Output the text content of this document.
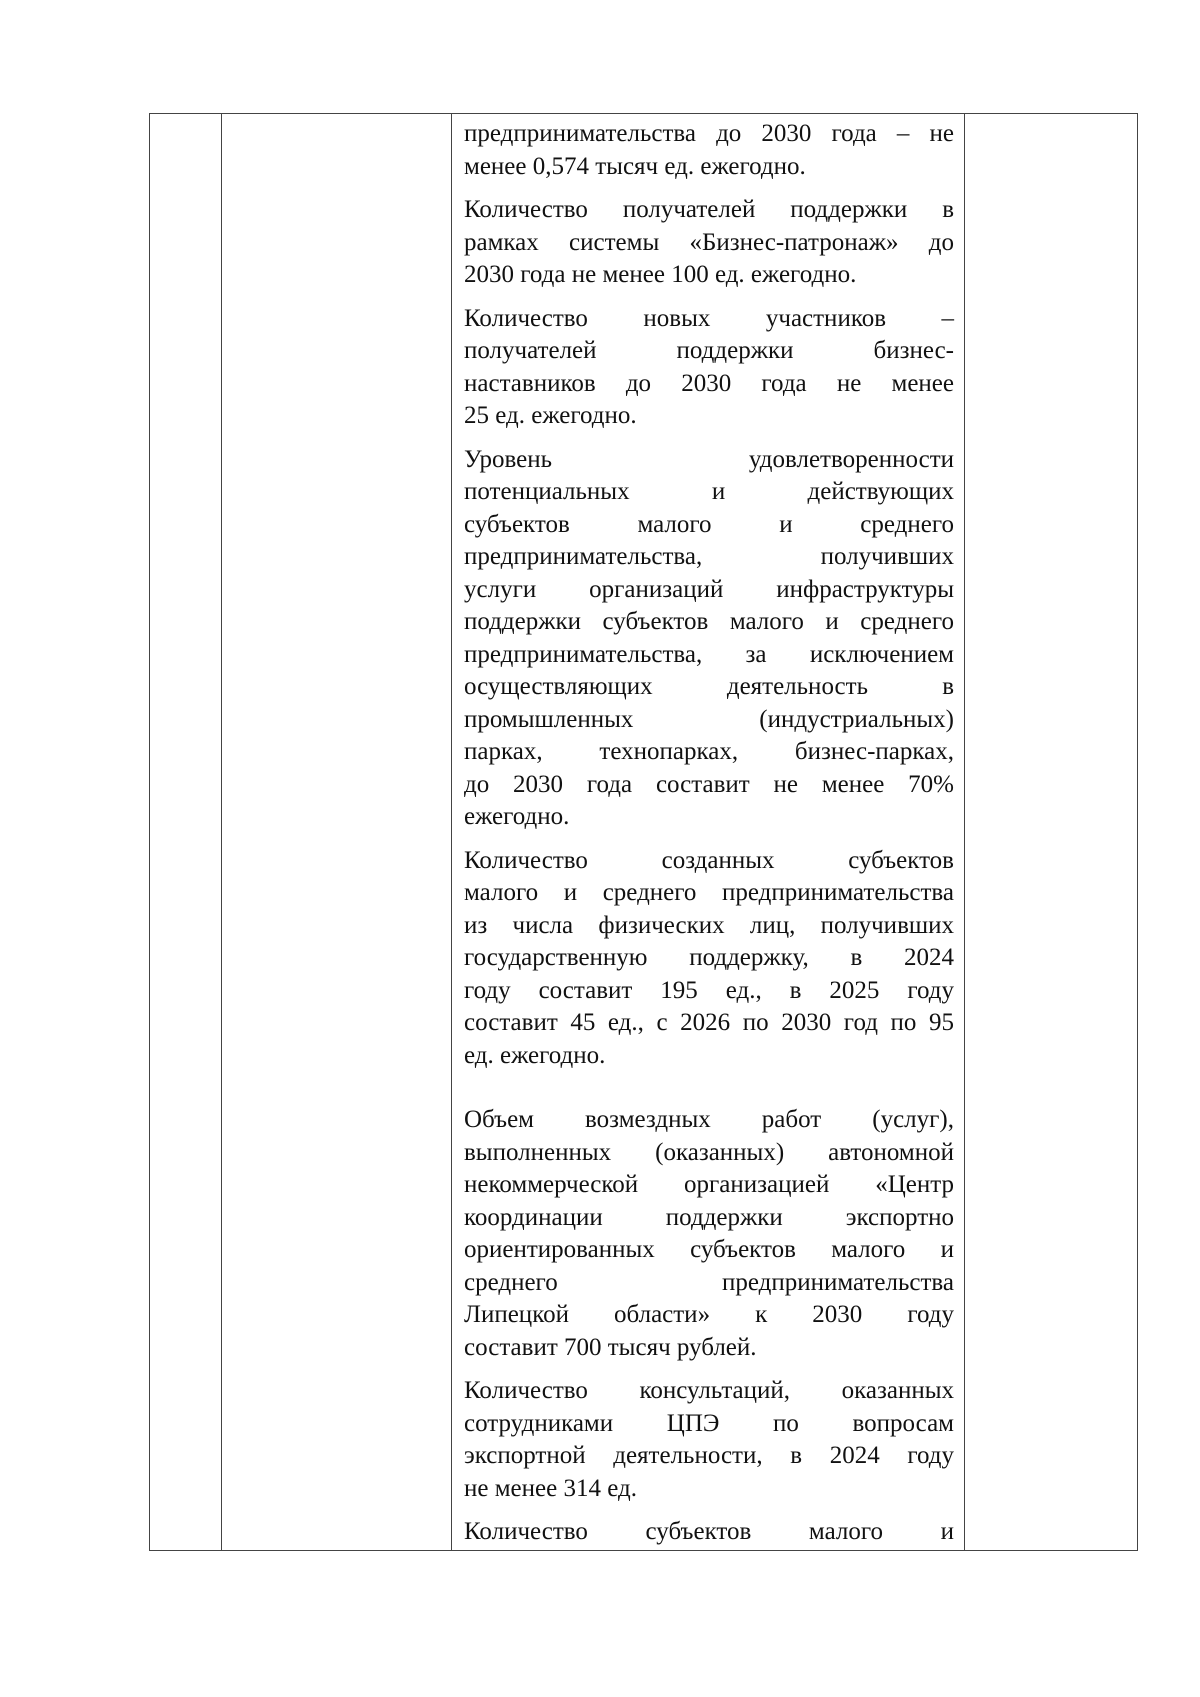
предпринимательства до 2030 года – не
менее 0,574 тысяч ед. ежегодно.
Количество получателей поддержки в
рамках системы «Бизнес-патронаж» до
2030 года не менее 100 ед. ежегодно.
Количество новых участников –
получателей поддержки бизнес-
наставников до 2030 года не менее
25 ед. ежегодно.
Уровень удовлетворенности
потенциальных и действующих
субъектов малого и среднего
предпринимательства, получивших
услуги организаций инфраструктуры
поддержки субъектов малого и среднего
предпринимательства, за исключением
осуществляющих деятельность в
промышленных (индустриальных)
парках, технопарках, бизнес-парках,
до 2030 года составит не менее 70%
ежегодно.
Количество созданных субъектов
малого и среднего предпринимательства
из числа физических лиц, получивших
государственную поддержку, в 2024
году составит 195 ед., в 2025 году
составит 45 ед., с 2026 по 2030 год по 95
ед. ежегодно.
Объем возмездных работ (услуг),
выполненных (оказанных) автономной
некоммерческой организацией «Центр
координации поддержки экспортно
ориентированных субъектов малого и
среднего предпринимательства
Липецкой области» к 2030 году
составит 700 тысяч рублей.
Количество консультаций, оказанных
сотрудниками ЦПЭ по вопросам
экспортной деятельности, в 2024 году
не менее 314 ед.
Количество субъектов малого и
